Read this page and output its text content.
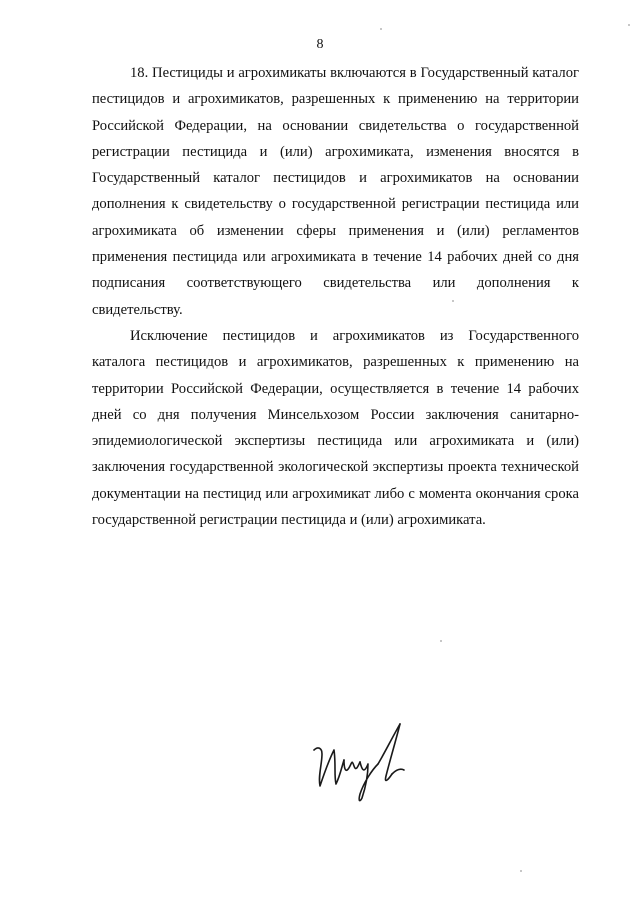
8

18. Пестициды и агрохимикаты включаются в Государственный каталог пестицидов и агрохимикатов, разрешенных к применению на территории Российской Федерации, на основании свидетельства о государственной регистрации пестицида и (или) агрохимиката, изменения вносятся в Государственный каталог пестицидов и агрохимикатов на основании дополнения к свидетельству о государственной регистрации пестицида или агрохимиката об изменении сферы применения и (или) регламентов применения пестицида или агрохимиката в течение 14 рабочих дней со дня подписания соответствующего свидетельства или дополнения к свидетельству.

Исключение пестицидов и агрохимикатов из Государственного каталога пестицидов и агрохимикатов, разрешенных к применению на территории Российской Федерации, осуществляется в течение 14 рабочих дней со дня получения Минсельхозом России заключения санитарно-эпидемиологической экспертизы пестицида или агрохимиката и (или) заключения государственной экологической экспертизы проекта технической документации на пестицид или агрохимикат либо с момента окончания срока государственной регистрации пестицида и (или) агрохимиката.
